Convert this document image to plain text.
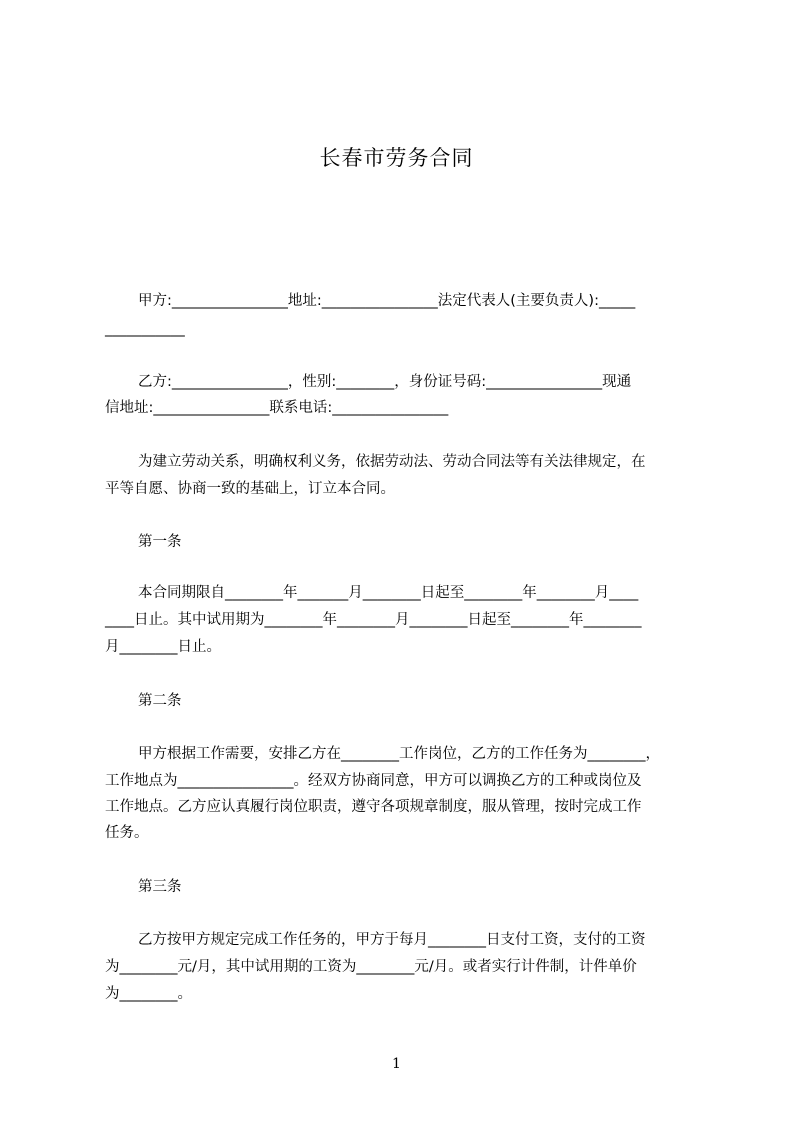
长春市劳务合同
甲方:________________地址:________________法定代表人(主要负责人):_____
___________
乙方:________________，性别:________，身份证号码:________________现通
信地址:________________联系电话:________________
为建立劳动关系，明确权利义务，依据劳动法、劳动合同法等有关法律规定，在
平等自愿、协商一致的基础上，订立本合同。
第一条
本合同期限自________年_______月________日起至________年________月____
____日止。其中试用期为________年________月________日起至________年________
月________日止。
第二条
甲方根据工作需要，安排乙方在________工作岗位，乙方的工作任务为________，
工作地点为________________。经双方协商同意，甲方可以调换乙方的工种或岗位及
工作地点。乙方应认真履行岗位职责，遵守各项规章制度，服从管理，按时完成工作
任务。
第三条
乙方按甲方规定完成工作任务的，甲方于每月________日支付工资，支付的工资
为________元/月，其中试用期的工资为________元/月。或者实行计件制，计件单价
为________。
1
